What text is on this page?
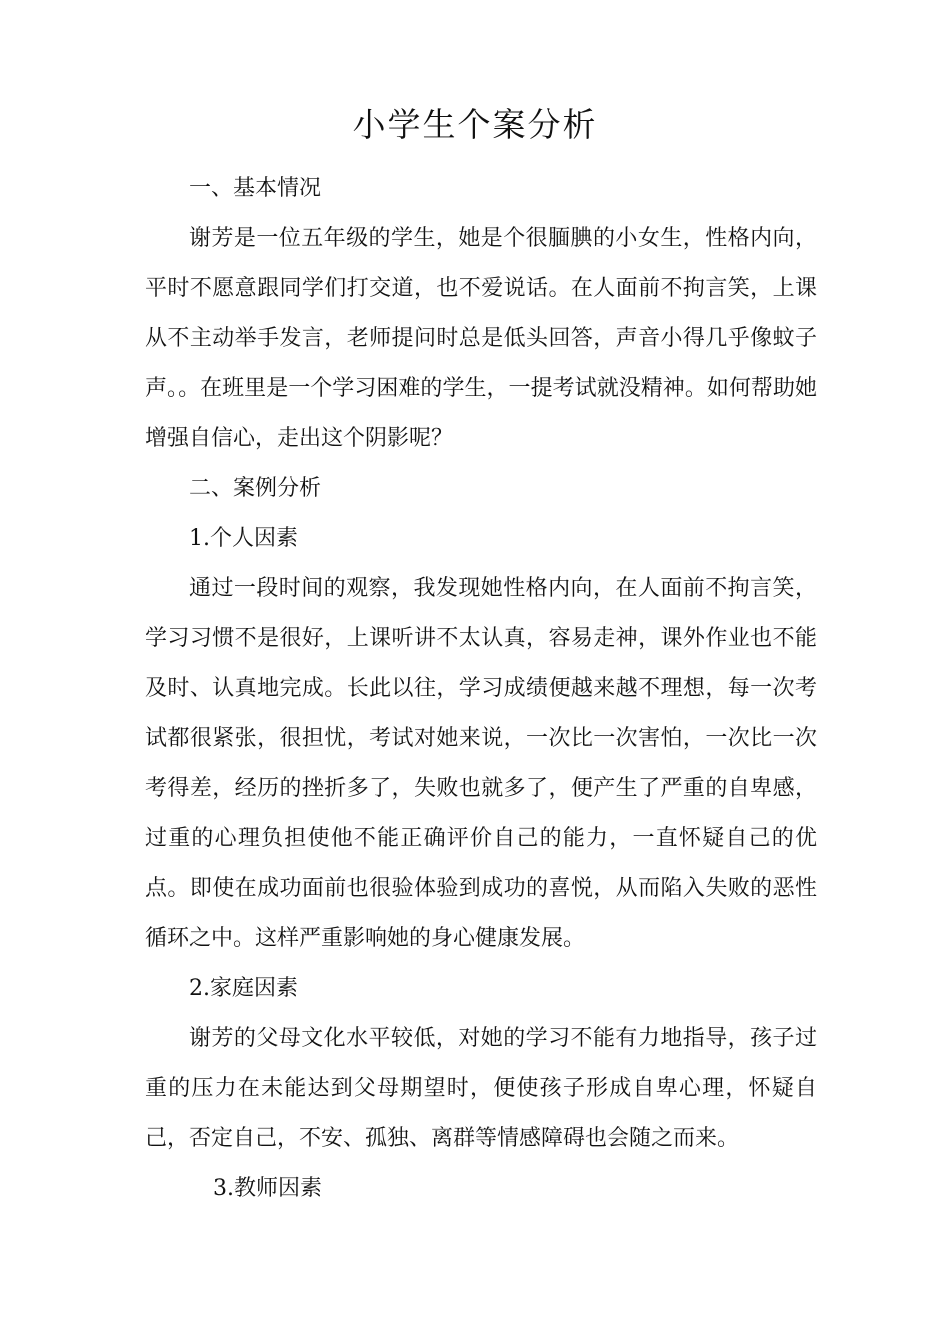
小学生个案分析

一、基本情况

谢芳是一位五年级的学生，她是个很腼腆的小女生，性格内向，平时不愿意跟同学们打交道，也不爱说话。在人面前不拘言笑，上课从不主动举手发言，老师提问时总是低头回答，声音小得几乎像蚊子声。。在班里是一个学习困难的学生，一提考试就没精神。如何帮助她增强自信心，走出这个阴影呢？

二、案例分析

1.个人因素

通过一段时间的观察，我发现她性格内向，在人面前不拘言笑，学习习惯不是很好，上课听讲不太认真，容易走神，课外作业也不能及时、认真地完成。长此以往，学习成绩便越来越不理想，每一次考试都很紧张，很担忧，考试对她来说，一次比一次害怕，一次比一次考得差，经历的挫折多了，失败也就多了，便产生了严重的自卑感，过重的心理负担使他不能正确评价自己的能力，一直怀疑自己的优点。即使在成功面前也很验体验到成功的喜悦，从而陷入失败的恶性循环之中。这样严重影响她的身心健康发展。

2.家庭因素

谢芳的父母文化水平较低，对她的学习不能有力地指导，孩子过重的压力在未能达到父母期望时，便使孩子形成自卑心理，怀疑自己，否定自己，不安、孤独、离群等情感障碍也会随之而来。

3.教师因素
